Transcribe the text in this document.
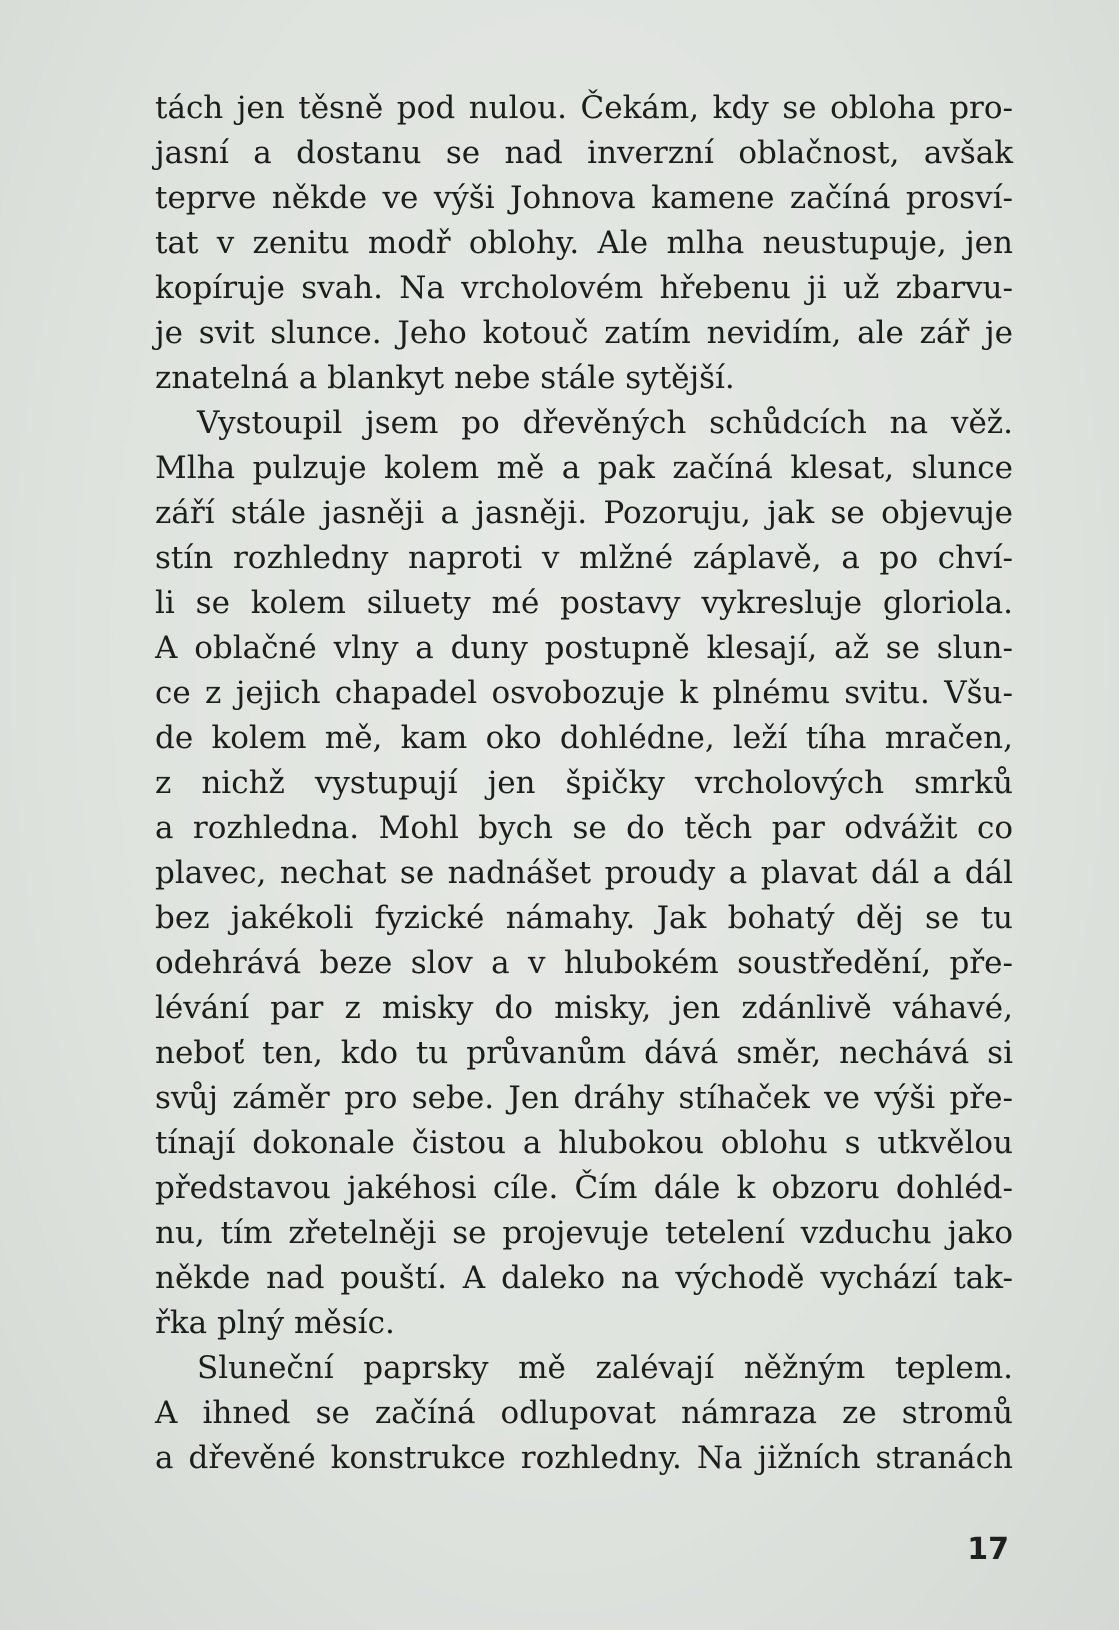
tách jen těsně pod nulou. Čekám, kdy se obloha pro-
jasní a dostanu se nad inverzní oblačnost, avšak
teprve někde ve výši Johnova kamene začíná prosví-
tat v zenitu modř oblohy. Ale mlha neustupuje, jen
kopíruje svah. Na vrcholovém hřebenu ji už zbarvu-
je svit slunce. Jeho kotouč zatím nevidím, ale zář je
znatelná a blankyt nebe stále sytější.
Vystoupil jsem po dřevěných schůdcích na věž.
Mlha pulzuje kolem mě a pak začíná klesat, slunce
září stále jasněji a jasněji. Pozoruju, jak se objevuje
stín rozhledny naproti v mlžné záplavě, a po chví-
li se kolem siluety mé postavy vykresluje gloriola.
A oblačné vlny a duny postupně klesají, až se slun-
ce z jejich chapadel osvobozuje k plnému svitu. Všu-
de kolem mě, kam oko dohlédne, leží tíha mračen,
z nichž vystupují jen špičky vrcholových smrků
a rozhledna. Mohl bych se do těch par odvážit co
plavec, nechat se nadnášet proudy a plavat dál a dál
bez jakékoli fyzické námahy. Jak bohatý děj se tu
odehrává beze slov a v hlubokém soustředění, pře-
lévání par z misky do misky, jen zdánlivě váhavé,
neboť ten, kdo tu průvanům dává směr, nechává si
svůj záměr pro sebe. Jen dráhy stíhaček ve výši pře-
tínají dokonale čistou a hlubokou oblohu s utkvělou
představou jakéhosi cíle. Čím dále k obzoru dohléd-
nu, tím zřetelněji se projevuje tetelení vzduchu jako
někde nad pouští. A daleko na východě vychází tak-
řka plný měsíc.
Sluneční paprsky mě zalévají něžným teplem.
A ihned se začíná odlupovat námraza ze stromů
a dřevěné konstrukce rozhledny. Na jižních stranách
17
